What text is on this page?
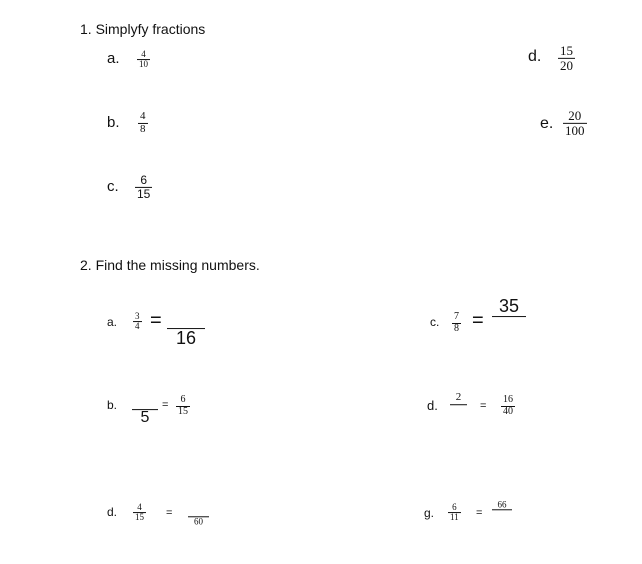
1. Simplyfy fractions
a. 4
10
b. 4
8
c. 6
15
d. 15
20
e. 20
100
2. Find the missing numbers.
a. 3
4 =
16
c. 7
8 =
35
b.
5
= 6
15	d.
2
=
16
40
d. 4
15 =
60
g. 6
11 =
66
